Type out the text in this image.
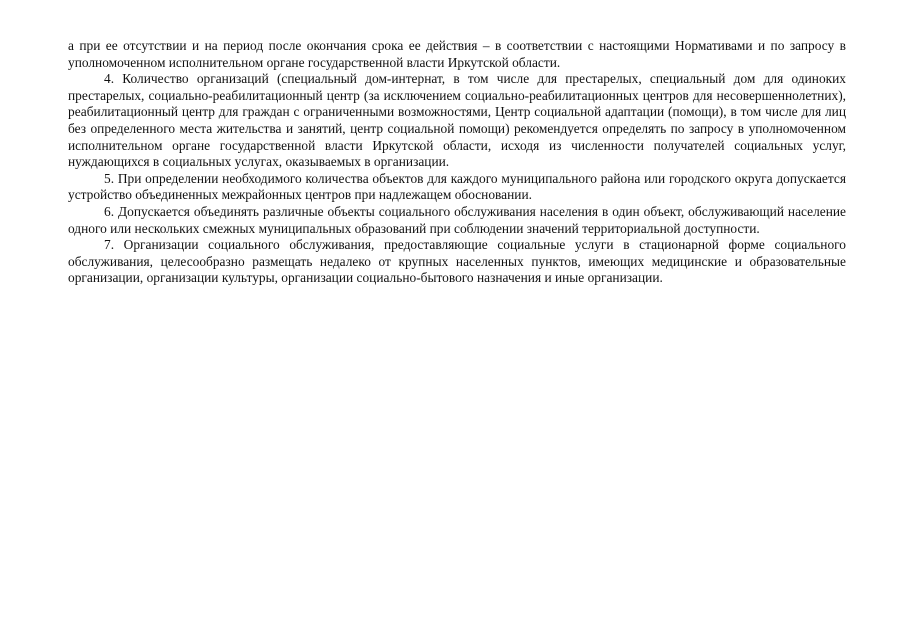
а при ее отсутствии и на период после окончания срока ее действия – в соответствии с настоящими Нормативами и по запросу в уполномоченном исполнительном органе государственной власти Иркутской области.

4. Количество организаций (специальный дом-интернат, в том числе для престарелых, специальный дом для одиноких престарелых, социально-реабилитационный центр (за исключением социально-реабилитационных центров для несовершеннолетних), реабилитационный центр для граждан с ограниченными возможностями, Центр социальной адаптации (помощи), в том числе для лиц без определенного места жительства и занятий, центр социальной помощи) рекомендуется определять по запросу в уполномоченном исполнительном органе государственной власти Иркутской области, исходя из численности получателей социальных услуг, нуждающихся в социальных услугах, оказываемых в организации.

5. При определении необходимого количества объектов для каждого муниципального района или городского округа допускается устройство объединенных межрайонных центров при надлежащем обосновании.

6. Допускается объединять различные объекты социального обслуживания населения в один объект, обслуживающий население одного или нескольких смежных муниципальных образований при соблюдении значений территориальной доступности.

7. Организации социального обслуживания, предоставляющие социальные услуги в стационарной форме социального обслуживания, целесообразно размещать недалеко от крупных населенных пунктов, имеющих медицинские и образовательные организации, организации культуры, организации социально-бытового назначения и иные организации.
